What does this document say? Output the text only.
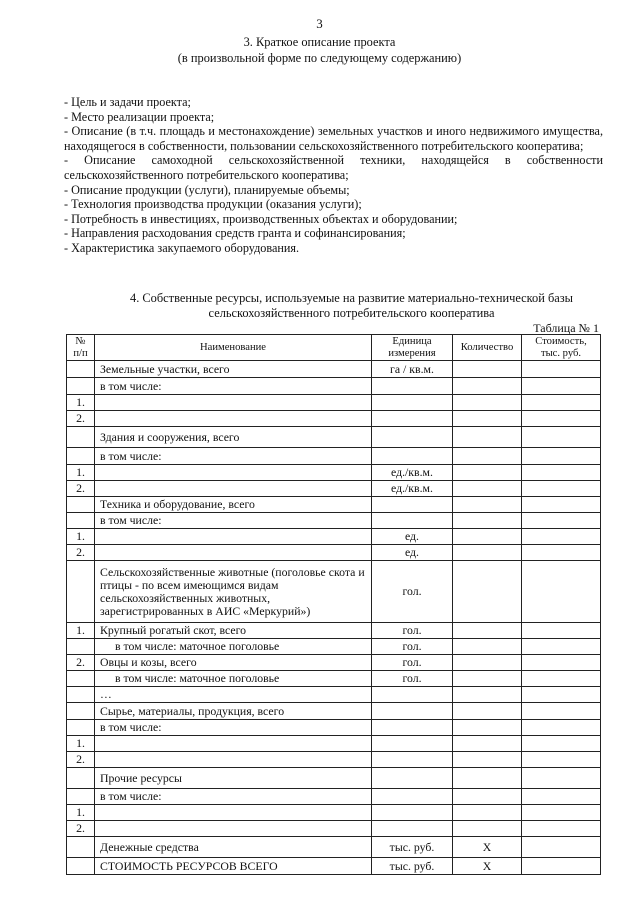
3
3. Краткое описание проекта
(в произвольной форме по следующему содержанию)
- Цель и задачи проекта;
- Место реализации проекта;
- Описание (в т.ч. площадь и местонахождение) земельных участков и иного недвижимого имущества, находящегося в собственности, пользовании сельскохозяйственного потребительского кооператива;
- Описание самоходной сельскохозяйственной техники, находящейся в собственности сельскохозяйственного потребительского кооператива;
- Описание продукции (услуги), планируемые объемы;
- Технология производства продукции (оказания услуги);
- Потребность в инвестициях, производственных объектах и оборудовании;
- Направления расходования средств гранта и софинансирования;
- Характеристика закупаемого оборудования.
4. Собственные ресурсы, используемые на развитие материально-технической базы
сельскохозяйственного потребительского кооператива
Таблица № 1
№ п/п	Наименование	Единица измерения	Количество	Стоимость, тыс. руб.
	Земельные участки, всего	га / кв.м.		
	в том числе:			
1.				
2.				
	Здания и сооружения, всего			
	в том числе:			
1.		ед./кв.м.		
2.		ед./кв.м.		
	Техника и оборудование, всего			
	в том числе:			
1.		ед.		
2.		ед.		
	Сельскохозяйственные животные (поголовье скота и птицы - по всем имеющимся видам сельскохозяйственных животных, зарегистрированных в АИС «Меркурий»)	гол.		
1.	Крупный рогатый скот, всего	гол.		
	в том числе: маточное поголовье	гол.		
2.	Овцы и козы, всего	гол.		
	в том числе: маточное поголовье	гол.		
	…			
	Сырье, материалы, продукция, всего			
	в том числе:			
1.				
2.				
	Прочие ресурсы			
	в том числе:			
1.				
2.				
	Денежные средства	тыс. руб.	Х	
	СТОИМОСТЬ РЕСУРСОВ ВСЕГО	тыс. руб.	Х	
